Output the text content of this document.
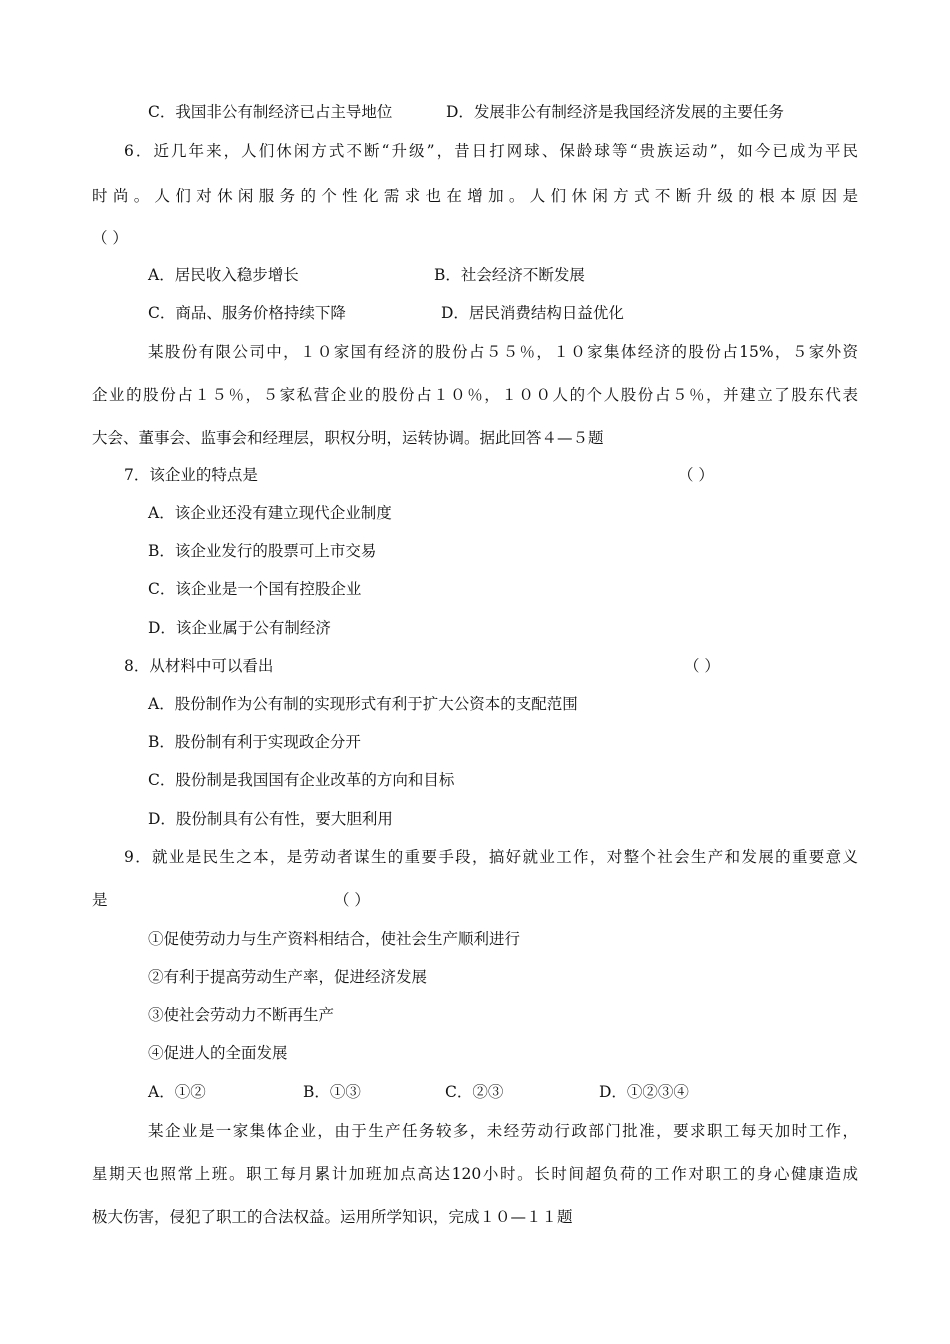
C．我国非公有制经济已占主导地位	D．发展非公有制经济是我国经济发展的主要任务
6．近几年来，人们休闲方式不断“升级”，昔日打网球、保龄球等“贵族运动”，如今已成为平民
时尚。人们对休闲服务的个性化需求也在增加。人们休闲方式不断升级的根本原因是
（ ）
A．居民收入稳步增长	B．社会经济不断发展
C．商品、服务价格持续下降	D．居民消费结构日益优化
某股份有限公司中，１０家国有经济的股份占５５％，１０家集体经济的股份占15%，５家外资
企业的股份占１５％，５家私营企业的股份占１０％，１００人的个人股份占５％，并建立了股东代表
大会、董事会、监事会和经理层，职权分明，运转协调。据此回答４—５题
7．该企业的特点是	（ ）
A．该企业还没有建立现代企业制度
B．该企业发行的股票可上市交易
C．该企业是一个国有控股企业
D．该企业属于公有制经济
8．从材料中可以看出	（ ）
A．股份制作为公有制的实现形式有利于扩大公资本的支配范围
B．股份制有利于实现政企分开
C．股份制是我国国有企业改革的方向和目标
D．股份制具有公有性，要大胆利用
9．就业是民生之本，是劳动者谋生的重要手段，搞好就业工作，对整个社会生产和发展的重要意义
是	（ ）
①促使劳动力与生产资料相结合，使社会生产顺利进行
②有利于提高劳动生产率，促进经济发展
③使社会劳动力不断再生产
④促进人的全面发展
A．①②	B．①③	C．②③	D．①②③④
某企业是一家集体企业，由于生产任务较多，未经劳动行政部门批准，要求职工每天加时工作，
星期天也照常上班。职工每月累计加班加点高达120小时。长时间超负荷的工作对职工的身心健康造成
极大伤害，侵犯了职工的合法权益。运用所学知识，完成１０—１１题
